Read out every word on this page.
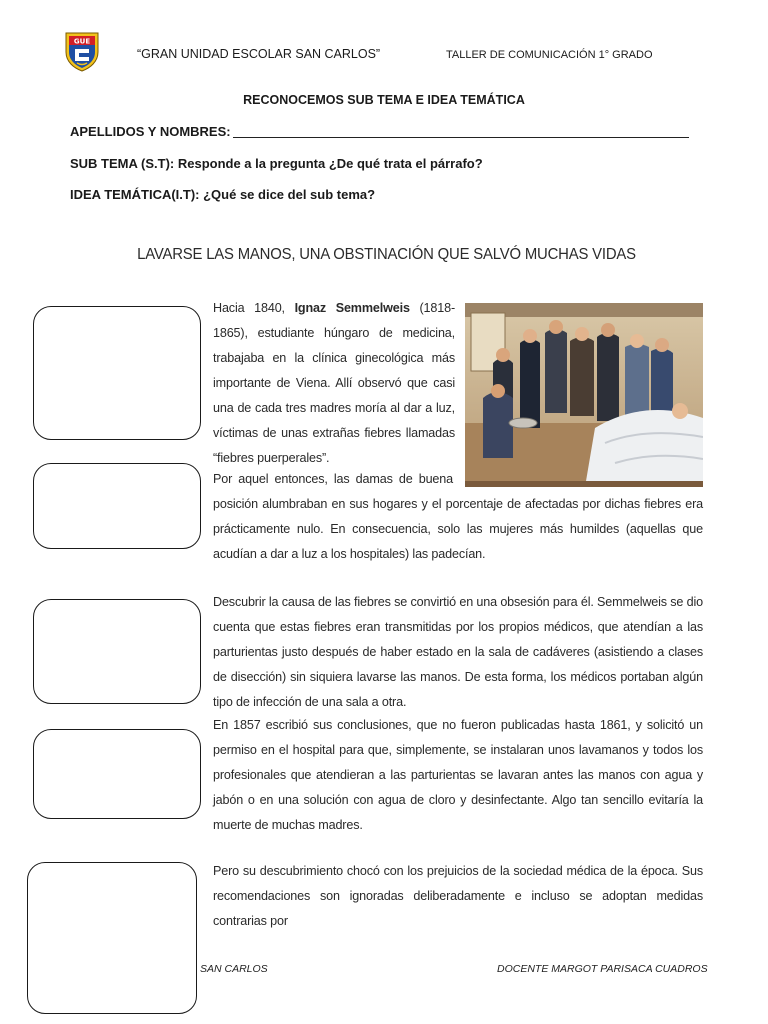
GUE
“GRAN UNIDAD ESCOLAR SAN CARLOS”	TALLER DE COMUNICACIÓN 1° GRADO
RECONOCEMOS SUB TEMA E IDEA TEMÁTICA
APELLIDOS Y NOMBRES:
SUB TEMA (S.T): Responde a la pregunta ¿De qué trata el párrafo?
IDEA TEMÁTICA(I.T): ¿Qué se dice del sub tema?
LAVARSE LAS MANOS, UNA OBSTINACIÓN QUE SALVÓ MUCHAS VIDAS
Hacia 1840, Ignaz Semmelweis (1818-1865), estudiante húngaro de medicina, trabajaba en la clínica ginecológica más importante de Viena. Allí observó que casi una de cada tres madres moría al dar a luz, víctimas de unas extrañas fiebres llamadas “fiebres puerperales”.
Por aquel entonces, las damas de buena posición alumbraban en sus hogares y el porcentaje de afectadas por dichas fiebres era prácticamente nulo. En consecuencia, solo las mujeres más humildes (aquellas que acudían a dar a luz a los hospitales) las padecían.
Descubrir la causa de las fiebres se convirtió en una obsesión para él. Semmelweis se dio cuenta que estas fiebres eran transmitidas por los propios médicos, que atendían a las parturientas justo después de haber estado en la sala de cadáveres (asistiendo a clases de disección) sin siquiera lavarse las manos. De esta forma, los médicos portaban algún tipo de infección de una sala a otra.
En 1857 escribió sus conclusiones, que no fueron publicadas hasta 1861, y solicitó un permiso en el hospital para que, simplemente, se instalaran unos lavamanos y todos los profesionales que atendieran a las parturientas se lavaran antes las manos con agua y jabón o en una solución con agua de cloro y desinfectante. Algo tan sencillo evitaría la muerte de muchas madres.
Pero su descubrimiento chocó con los prejuicios de la sociedad médica de la época. Sus recomendaciones son ignoradas deliberadamente e incluso se adoptan medidas contrarias por
SAN CARLOS	DOCENTE MARGOT PARISACA CUADROS
